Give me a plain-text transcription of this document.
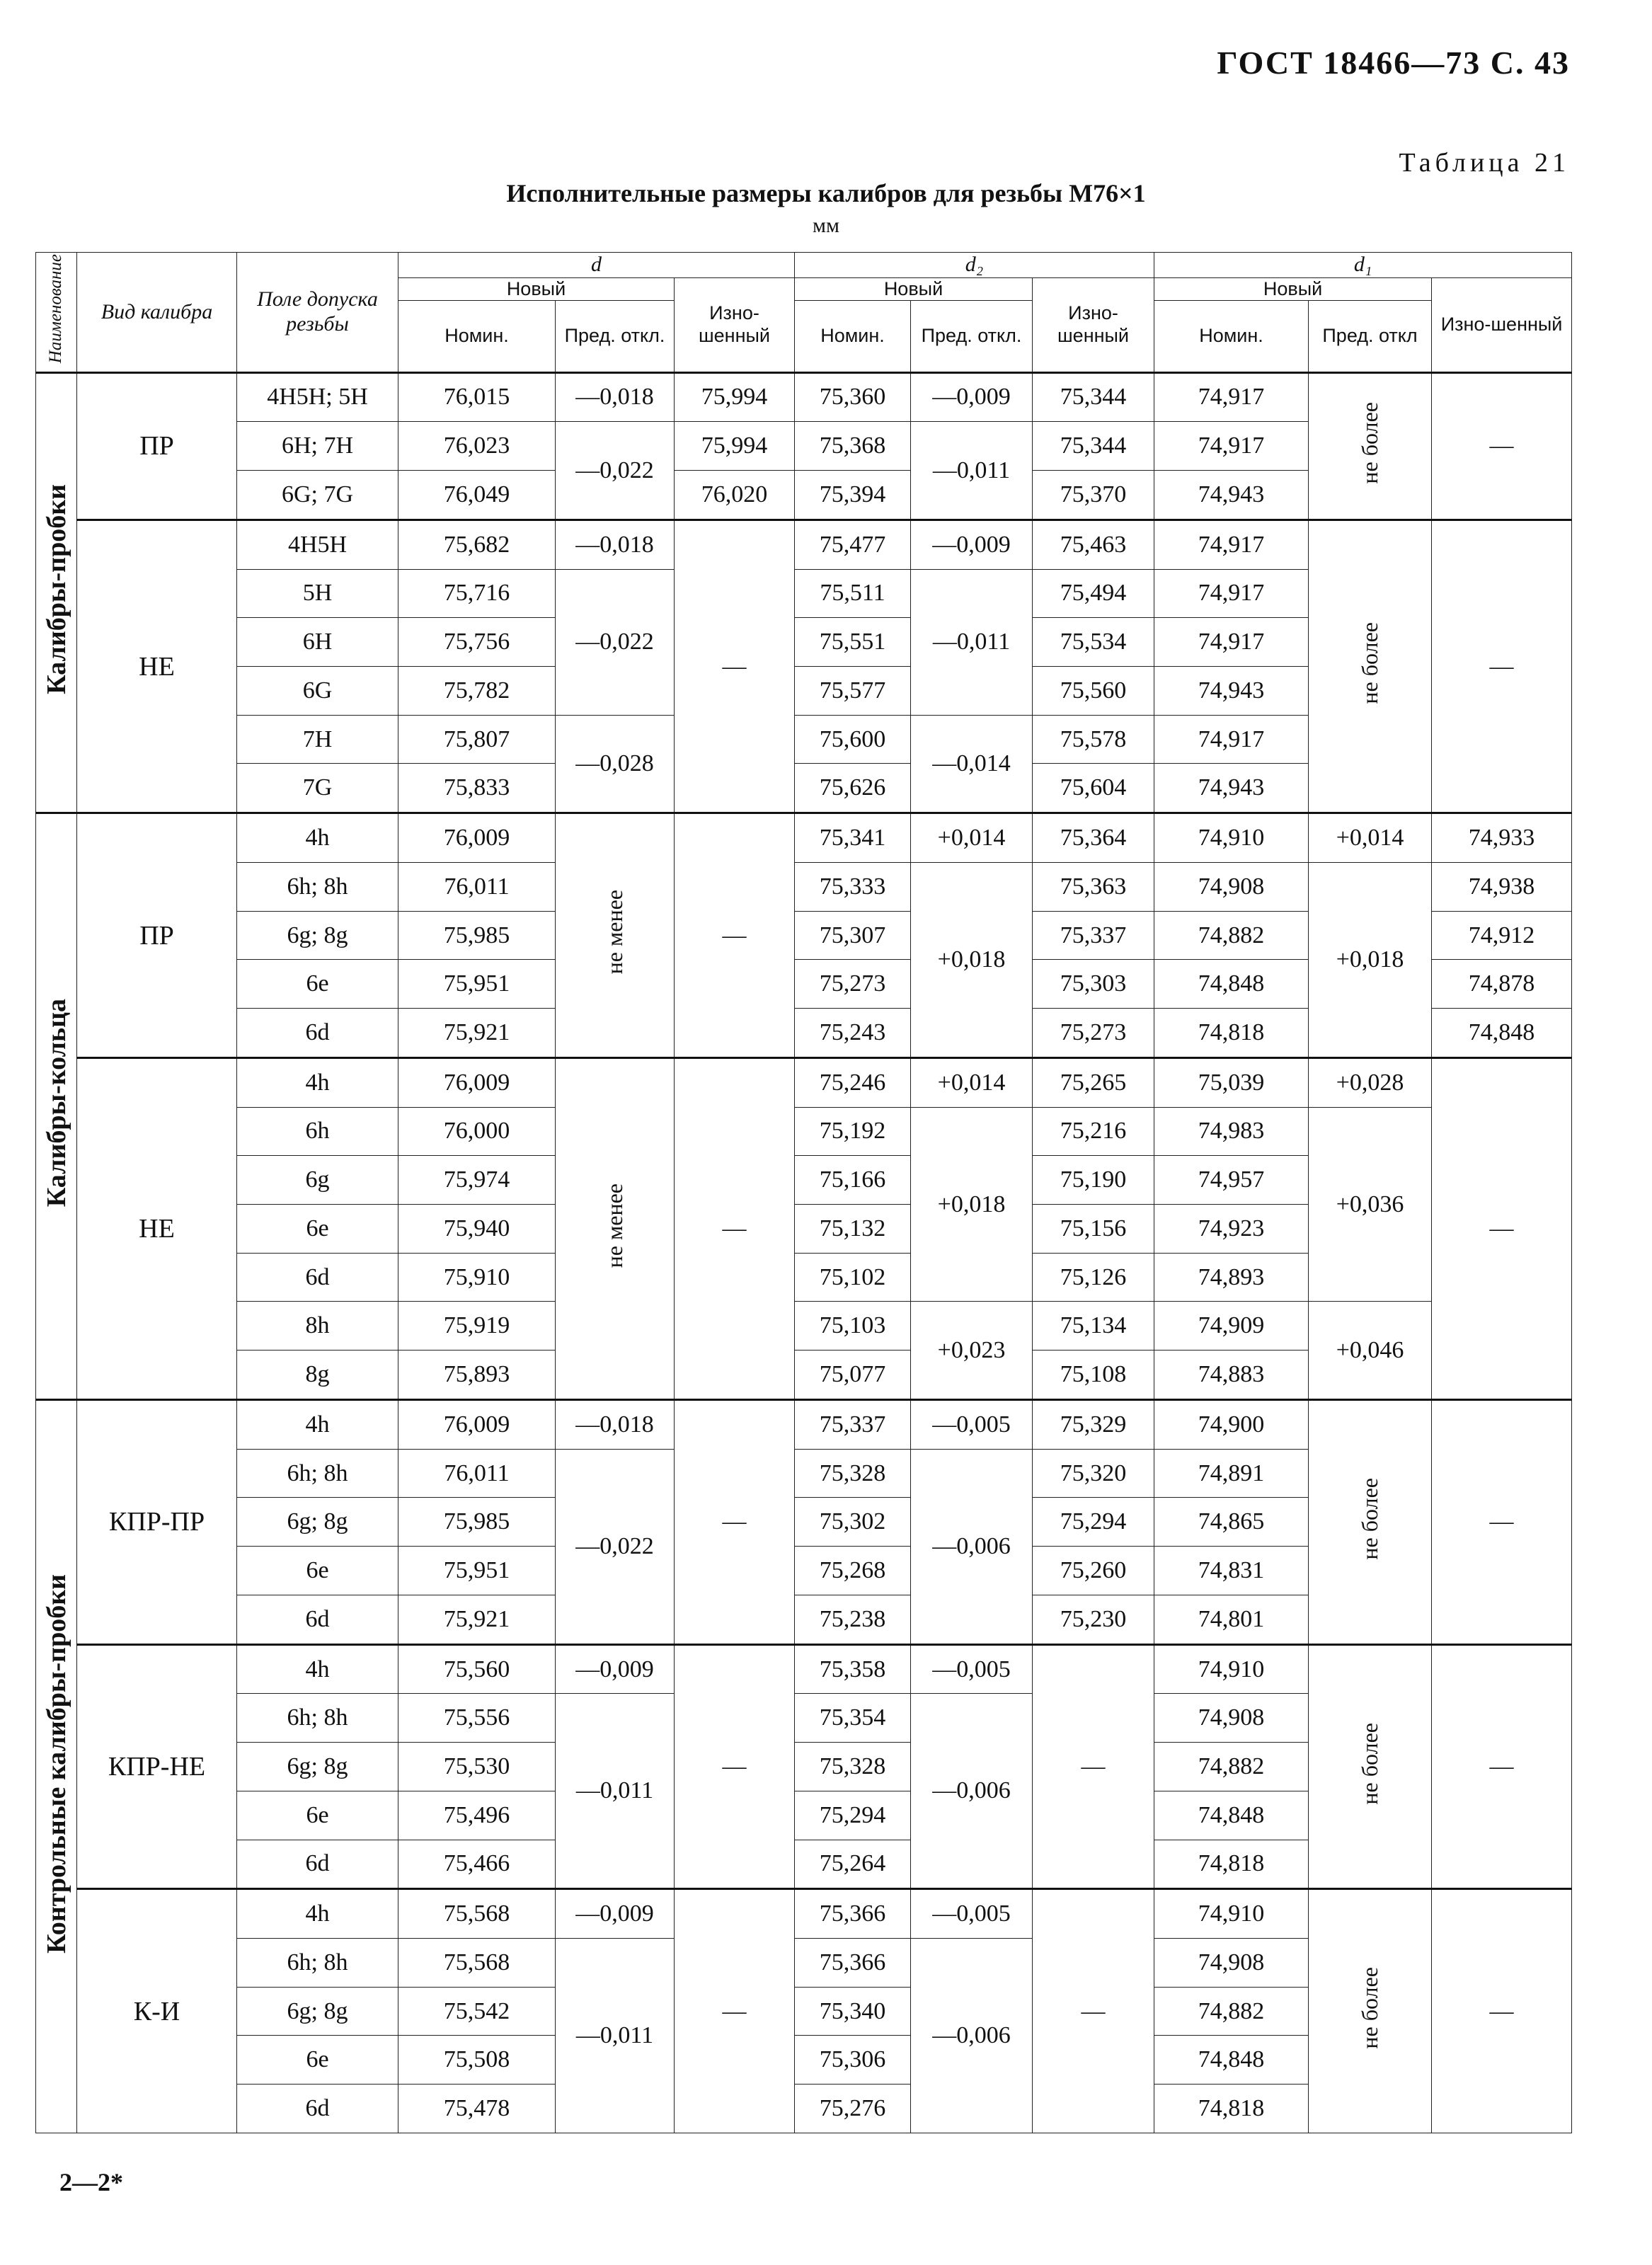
ГОСТ 18466—73 С. 43
Таблица 21
Исполнительные размеры калибров для резьбы М76×1
мм
Наименование	Вид калибра	Поле допуска резьбы	d			d₂			d₁		
			Новый		Изно-шенный	Новый		Изно-шенный	Новый		Изно-шенный
			Номин.	Пред. откл.		Номин.	Пред. откл.		Номин.	Пред. откл	
Калибры-пробки	ПР	4H5H; 5H	76,015	—0,018	75,994	75,360	—0,009	75,344	74,917	не более	—
		6H; 7H	76,023	—0,022	75,994	75,368	—0,011	75,344	74,917		
		6G; 7G	76,049		76,020	75,394		75,370	74,943		
	НЕ	4H5H	75,682	—0,018	—	75,477	—0,009	75,463	74,917	не более	—
		5H	75,716	—0,022		75,511	—0,011	75,494	74,917		
		6H	75,756			75,551		75,534	74,917		
		6G	75,782			75,577		75,560	74,943		
		7H	75,807	—0,028		75,600	—0,014	75,578	74,917		
		7G	75,833			75,626		75,604	74,943		
Калибры-кольца	ПР	4h	76,009	не менее	—	75,341	+0,014	75,364	74,910	+0,014	74,933
		6h; 8h	76,011			75,333	+0,018	75,363	74,908	+0,018	74,938
		6g; 8g	75,985			75,307		75,337	74,882		74,912
		6e	75,951			75,273		75,303	74,848		74,878
		6d	75,921			75,243		75,273	74,818		74,848
	НЕ	4h	76,009	не менее	—	75,246	+0,014	75,265	75,039	+0,028	—
		6h	76,000			75,192	+0,018	75,216	74,983	+0,036	
		6g	75,974			75,166		75,190	74,957		
		6e	75,940			75,132		75,156	74,923		
		6d	75,910			75,102		75,126	74,893		
		8h	75,919			75,103	+0,023	75,134	74,909	+0,046	
		8g	75,893			75,077		75,108	74,883		
Контрольные калибры-пробки	КПР-ПР	4h	76,009	—0,018	—	75,337	—0,005	75,329	74,900	не более	—
		6h; 8h	76,011	—0,022		75,328	—0,006	75,320	74,891		
		6g; 8g	75,985			75,302		75,294	74,865		
		6e	75,951			75,268		75,260	74,831		
		6d	75,921			75,238		75,230	74,801		
	КПР-НЕ	4h	75,560	—0,009	—	75,358	—0,005	—	74,910	не более	—
		6h; 8h	75,556	—0,011		75,354	—0,006		74,908		
		6g; 8g	75,530			75,328			74,882		
		6e	75,496			75,294			74,848		
		6d	75,466			75,264			74,818		
	К-И	4h	75,568	—0,009	—	75,366	—0,005	—	74,910	не более	—
		6h; 8h	75,568	—0,011		75,366	—0,006		74,908		
		6g; 8g	75,542			75,340			74,882		
		6e	75,508			75,306			74,848		
		6d	75,478			75,276			74,818		
2—2*
